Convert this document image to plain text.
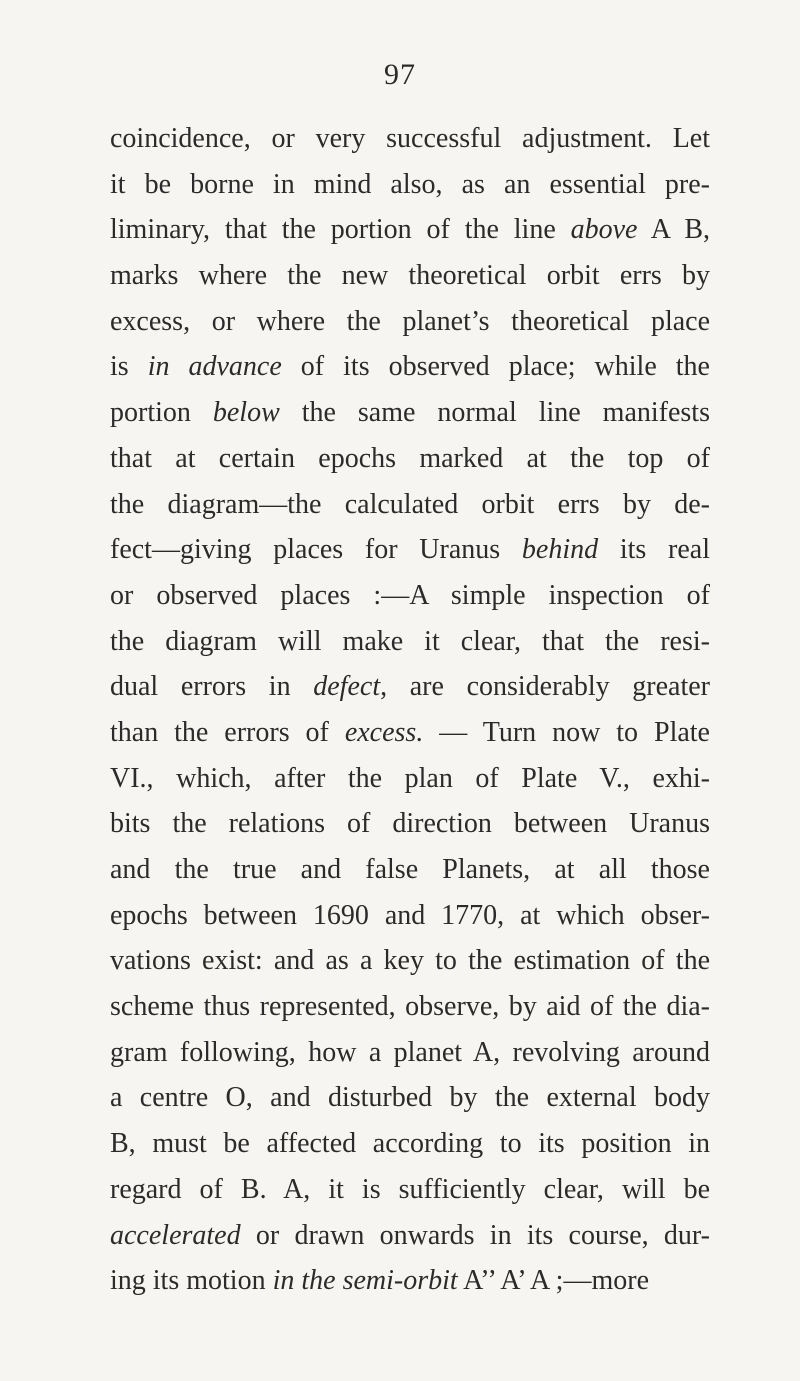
97
coincidence, or very successful adjustment. Let
it be borne in mind also, as an essential pre-
liminary, that the portion of the line above A B,
marks where the new theoretical orbit errs by
excess, or where the planet’s theoretical place
is in advance of its observed place; while the
portion below the same normal line manifests
that at certain epochs marked at the top of
the diagram—the calculated orbit errs by de-
fect—giving places for Uranus behind its real
or observed places :—A simple inspection of
the diagram will make it clear, that the resi-
dual errors in defect, are considerably greater
than the errors of excess. — Turn now to Plate
VI., which, after the plan of Plate V., exhi-
bits the relations of direction between Uranus
and the true and false Planets, at all those
epochs between 1690 and 1770, at which obser-
vations exist: and as a key to the estimation of the
scheme thus represented, observe, by aid of the dia-
gram following, how a planet A, revolving around
a centre O, and disturbed by the external body
B, must be affected according to its position in
regard of B. A, it is sufficiently clear, will be
accelerated or drawn onwards in its course, dur-
ing its motion in the semi-orbit A’’ A’ A ;—more
